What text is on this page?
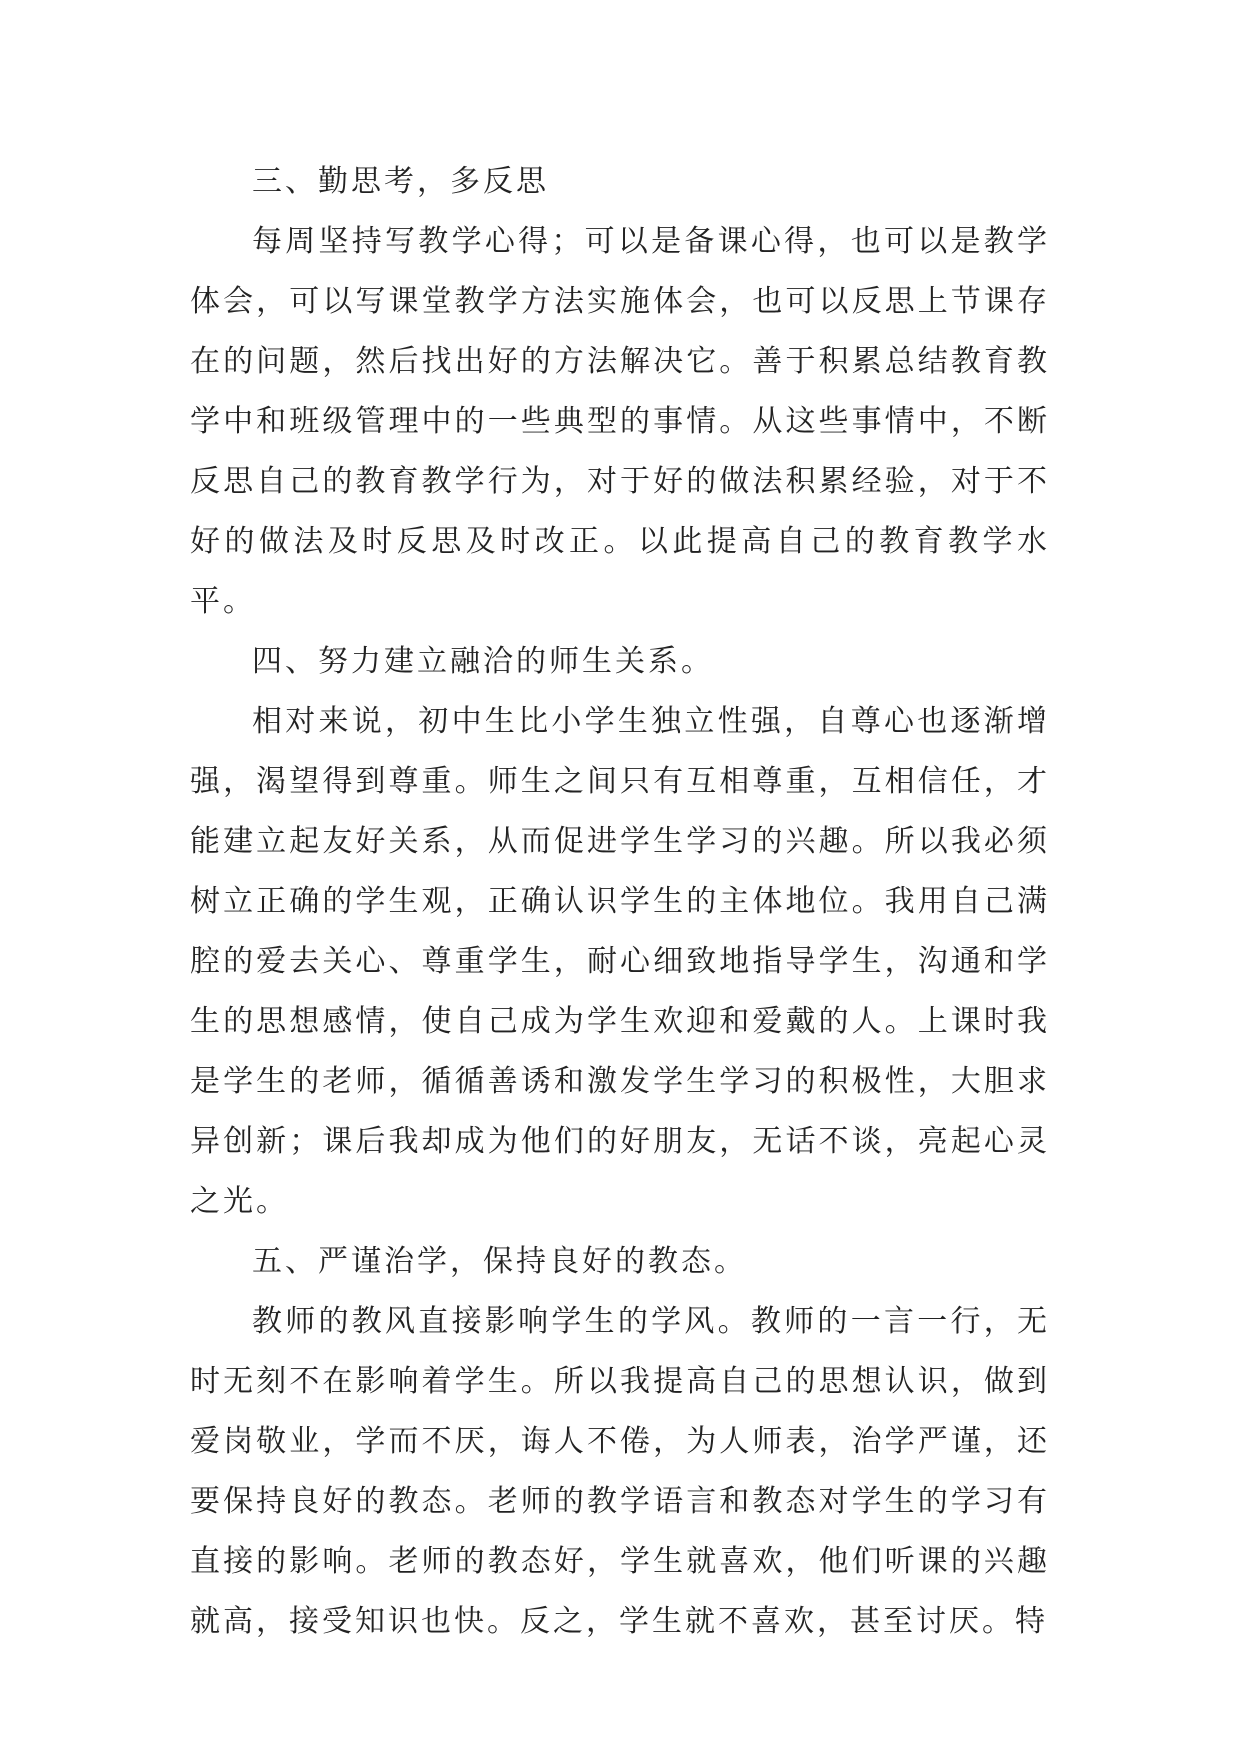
三、勤思考，多反思

每周坚持写教学心得；可以是备课心得，也可以是教学体会，可以写课堂教学方法实施体会，也可以反思上节课存在的问题，然后找出好的方法解决它。善于积累总结教育教学中和班级管理中的一些典型的事情。从这些事情中，不断反思自己的教育教学行为，对于好的做法积累经验，对于不好的做法及时反思及时改正。以此提高自己的教育教学水平。

四、努力建立融洽的师生关系。

相对来说，初中生比小学生独立性强，自尊心也逐渐增强，渴望得到尊重。师生之间只有互相尊重，互相信任，才能建立起友好关系，从而促进学生学习的兴趣。所以我必须树立正确的学生观，正确认识学生的主体地位。我用自己满腔的爱去关心、尊重学生，耐心细致地指导学生，沟通和学生的思想感情，使自己成为学生欢迎和爱戴的人。上课时我是学生的老师，循循善诱和激发学生学习的积极性，大胆求异创新；课后我却成为他们的好朋友，无话不谈，亮起心灵之光。

五、严谨治学，保持良好的教态。

教师的教风直接影响学生的学风。教师的一言一行，无时无刻不在影响着学生。所以我提高自己的思想认识，做到爱岗敬业，学而不厌，诲人不倦，为人师表，治学严谨，还要保持良好的教态。老师的教学语言和教态对学生的学习有直接的影响。老师的教态好，学生就喜欢，他们听课的兴趣就高，接受知识也快。反之，学生就不喜欢，甚至讨厌。特
